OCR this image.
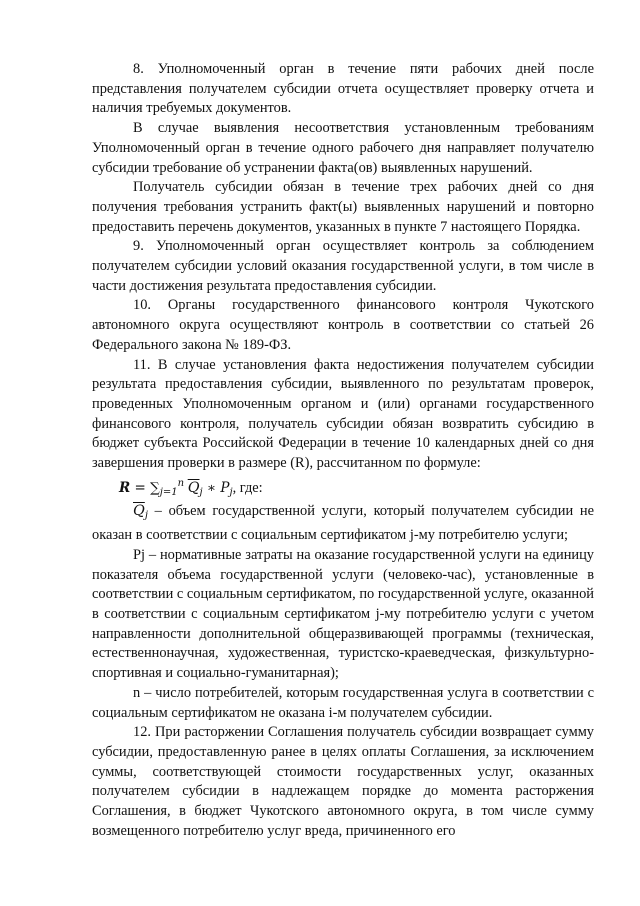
8. Уполномоченный орган в течение пяти рабочих дней после представления получателем субсидии отчета осуществляет проверку отчета и наличия требуемых документов.

В случае выявления несоответствия установленным требованиям Уполномоченный орган в течение одного рабочего дня направляет получателю субсидии требование об устранении факта(ов) выявленных нарушений.

Получатель субсидии обязан в течение трех рабочих дней со дня получения требования устранить факт(ы) выявленных нарушений и повторно предоставить перечень документов, указанных в пункте 7 настоящего Порядка.

9. Уполномоченный орган осуществляет контроль за соблюдением получателем субсидии условий оказания государственной услуги, в том числе в части достижения результата предоставления субсидии.

10. Органы государственного финансового контроля Чукотского автономного округа осуществляют контроль в соответствии со статьей 26 Федерального закона № 189-ФЗ.

11. В случае установления факта недостижения получателем субсидии результата предоставления субсидии, выявленного по результатам проверок, проведенных Уполномоченным органом и (или) органами государственного финансового контроля, получатель субсидии обязан возвратить субсидию в бюджет субъекта Российской Федерации в течение 10 календарных дней со дня завершения проверки в размере (R), рассчитанном по формуле:

$R = \sum_{j=1}^n$ $\overline{Q}_j$ ∗ $P_j$, где:

$\overline{Q}_j$ – объем государственной услуги, который получателем субсидии не оказан в соответствии с социальным сертификатом j-му потребителю услуги;

Pj – нормативные затраты на оказание государственной услуги на единицу показателя объема государственной услуги (человеко-час), установленные в соответствии с социальным сертификатом, по государственной услуге, оказанной в соответствии с социальным сертификатом j-му потребителю услуги с учетом направленности дополнительной общеразвивающей программы (техническая, естественнонаучная, художественная, туристско-краеведческая, физкультурно-спортивная и социально-гуманитарная);

n – число потребителей, которым государственная услуга в соответствии с социальным сертификатом не оказана i-м получателем субсидии.

12. При расторжении Соглашения получатель субсидии возвращает сумму субсидии, предоставленную ранее в целях оплаты Соглашения, за исключением суммы, соответствующей стоимости государственных услуг, оказанных получателем субсидии в надлежащем порядке до момента расторжения Соглашения, в бюджет Чукотского автономного округа, в том числе сумму возмещенного потребителю услуг вреда, причиненного его
